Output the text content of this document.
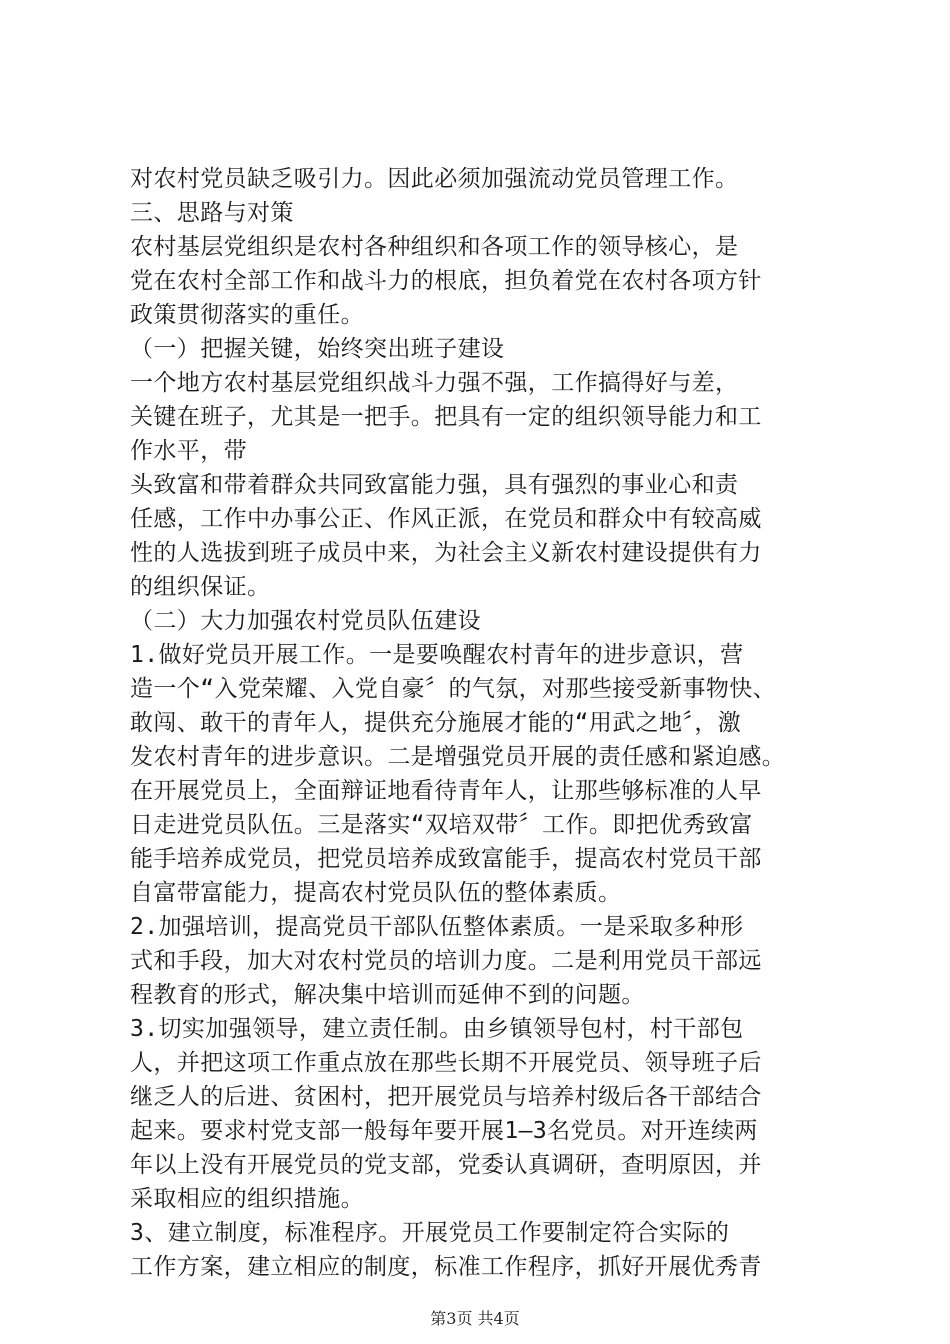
对农村党员缺乏吸引力。因此必须加强流动党员管理工作。
三、思路与对策
农村基层党组织是农村各种组织和各项工作的领导核心，是
党在农村全部工作和战斗力的根底，担负着党在农村各项方针
政策贯彻落实的重任。
（一）把握关键，始终突出班子建设
一个地方农村基层党组织战斗力强不强，工作搞得好与差，
关键在班子，尤其是一把手。把具有一定的组织领导能力和工
作水平，带
头致富和带着群众共同致富能力强，具有强烈的事业心和责
任感，工作中办事公正、作风正派，在党员和群众中有较高威
性的人选拔到班子成员中来，为社会主义新农村建设提供有力
的组织保证。
（二）大力加强农村党员队伍建设
1.做好党员开展工作。一是要唤醒农村青年的进步意识，营
造一个“入党荣耀、入党自豪〞的气氛，对那些接受新事物快、
敢闯、敢干的青年人，提供充分施展才能的“用武之地〞，激
发农村青年的进步意识。二是增强党员开展的责任感和紧迫感。
在开展党员上，全面辩证地看待青年人，让那些够标准的人早
日走进党员队伍。三是落实“双培双带〞工作。即把优秀致富
能手培养成党员，把党员培养成致富能手，提高农村党员干部
自富带富能力，提高农村党员队伍的整体素质。
2.加强培训，提高党员干部队伍整体素质。一是采取多种形
式和手段，加大对农村党员的培训力度。二是利用党员干部远
程教育的形式，解决集中培训而延伸不到的问题。
3.切实加强领导，建立责任制。由乡镇领导包村，村干部包
人，并把这项工作重点放在那些长期不开展党员、领导班子后
继乏人的后进、贫困村，把开展党员与培养村级后各干部结合
起来。要求村党支部一般每年要开展1—3名党员。对开连续两
年以上没有开展党员的党支部，党委认真调研，查明原因，并
采取相应的组织措施。
3、建立制度，标准程序。开展党员工作要制定符合实际的
工作方案，建立相应的制度，标准工作程序，抓好开展优秀青
第3页 共4页
